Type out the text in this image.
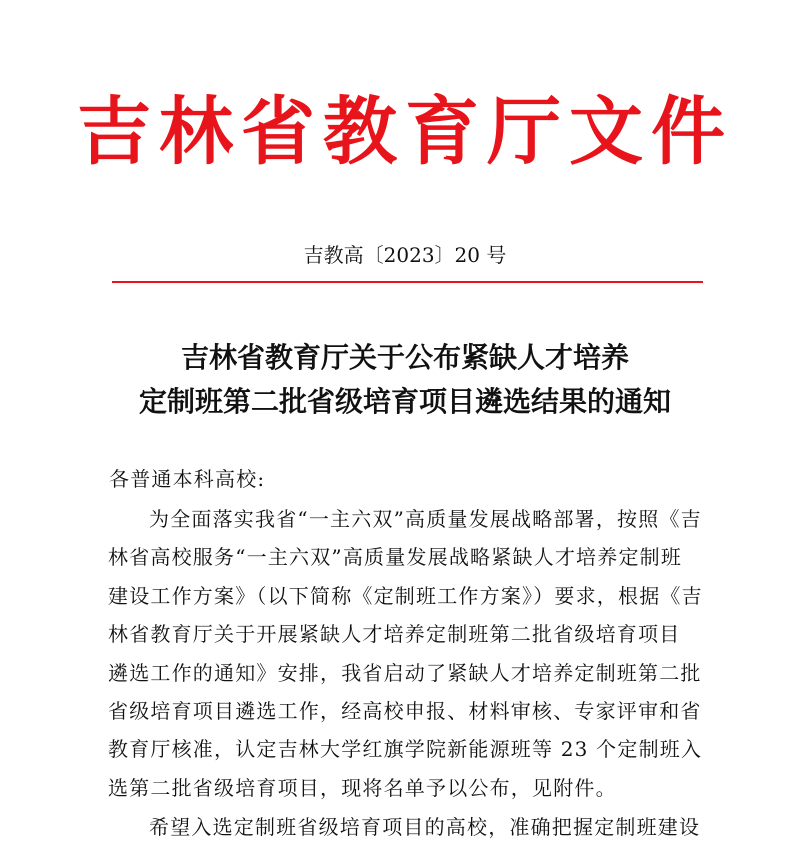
吉林省教育厅文件
吉教高〔2023〕20 号
吉林省教育厅关于公布紧缺人才培养
定制班第二批省级培育项目遴选结果的通知
各普通本科高校:
为全面落实我省“一主六双”高质量发展战略部署，按照《吉
林省高校服务“一主六双”高质量发展战略紧缺人才培养定制班
建设工作方案》（以下简称《定制班工作方案》）要求，根据《吉
林省教育厅关于开展紧缺人才培养定制班第二批省级培育项目
遴选工作的通知》安排，我省启动了紧缺人才培养定制班第二批
省级培育项目遴选工作，经高校申报、材料审核、专家评审和省
教育厅核准，认定吉林大学红旗学院新能源班等 23 个定制班入
选第二批省级培育项目，现将名单予以公布，见附件。
希望入选定制班省级培育项目的高校，准确把握定制班建设
